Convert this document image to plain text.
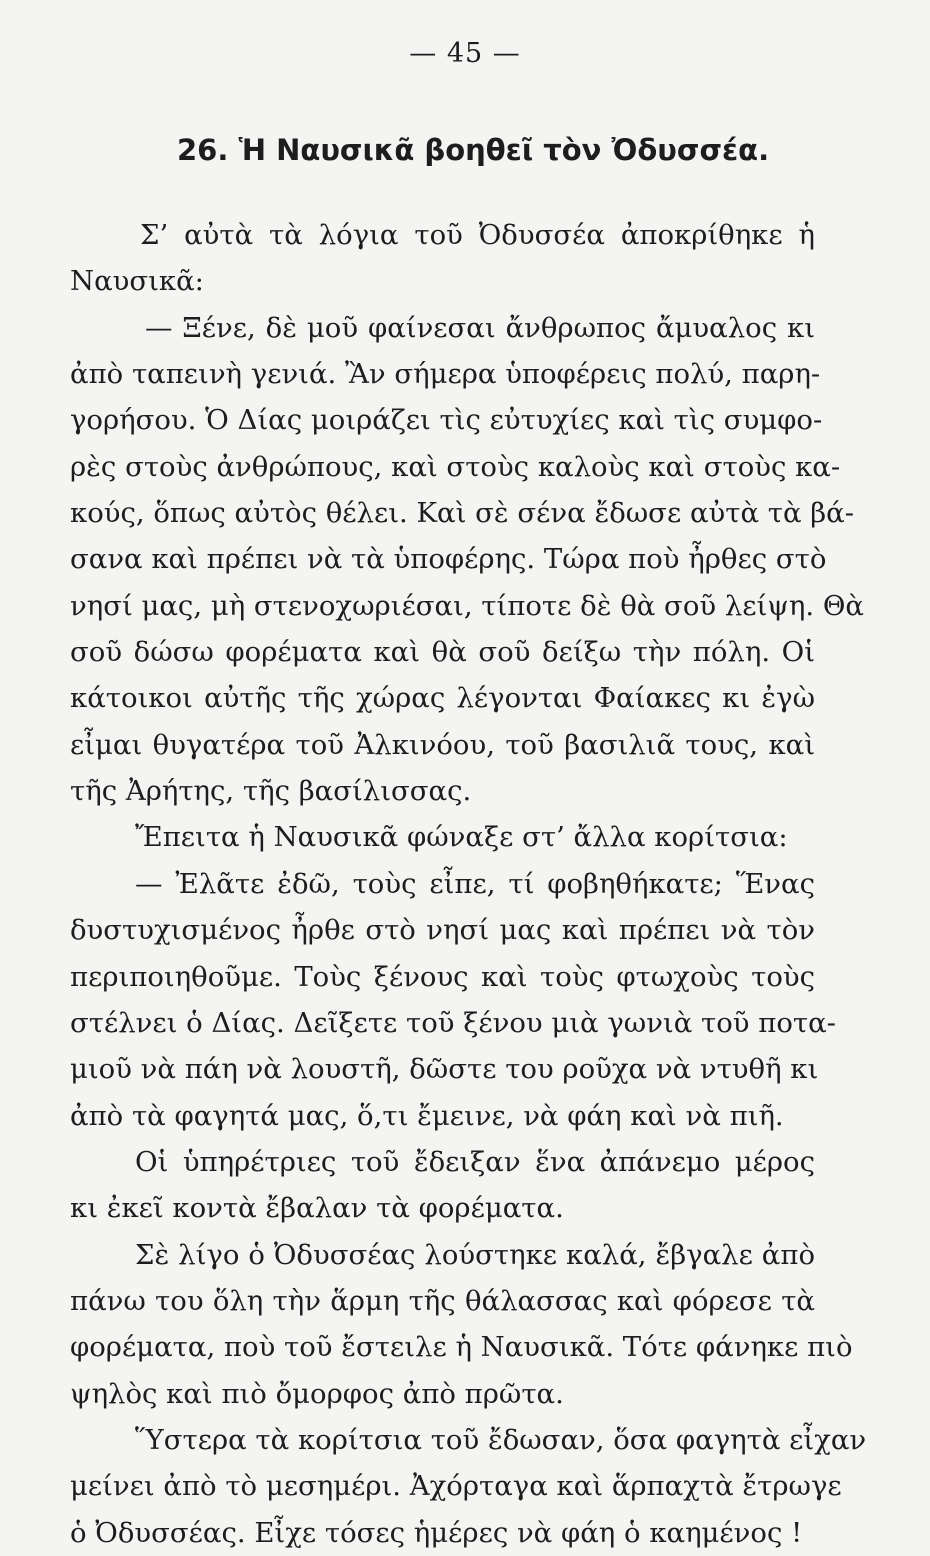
— 45 —
26. Ἡ Ναυσικᾶ βοηθεῖ τὸν Ὀδυσσέα.
Σ’ αὐτὰ τὰ λόγια τοῦ Ὀδυσσέα ἀποκρίθηκε ἡ
Ναυσικᾶ:
— Ξένε, δὲ μοῦ φαίνεσαι ἄνθρωπος ἄμυαλος κι
ἀπὸ ταπεινὴ γενιά. Ἂν σήμερα ὑποφέρεις πολύ, παρη-
γορήσου. Ὁ Δίας μοιράζει τὶς εὐτυχίες καὶ τὶς συμφο-
ρὲς στοὺς ἀνθρώπους, καὶ στοὺς καλοὺς καὶ στοὺς κα-
κούς, ὅπως αὐτὸς θέλει. Καὶ σὲ σένα ἔδωσε αὐτὰ τὰ βά-
σανα καὶ πρέπει νὰ τὰ ὑποφέρης. Τώρα ποὺ ἦρθες στὸ
νησί μας, μὴ στενοχωριέσαι, τίποτε δὲ θὰ σοῦ λείψη. Θὰ
σοῦ δώσω φορέματα καὶ θὰ σοῦ δείξω τὴν πόλη. Οἱ
κάτοικοι αὐτῆς τῆς χώρας λέγονται Φαίακες κι ἐγὼ
εἶμαι θυγατέρα τοῦ Ἀλκινόου, τοῦ βασιλιᾶ τους, καὶ
τῆς Ἀρήτης, τῆς βασίλισσας.
Ἔπειτα ἡ Ναυσικᾶ φώναξε στ’ ἄλλα κορίτσια:
— Ἐλᾶτε ἐδῶ, τοὺς εἶπε, τί φοβηθήκατε; Ἕνας
δυστυχισμένος ἦρθε στὸ νησί μας καὶ πρέπει νὰ τὸν
περιποιηθοῦμε. Τοὺς ξένους καὶ τοὺς φτωχοὺς τοὺς
στέλνει ὁ Δίας. Δεῖξετε τοῦ ξένου μιὰ γωνιὰ τοῦ ποτα-
μιοῦ νὰ πάη νὰ λουστῆ, δῶστε του ροῦχα νὰ ντυθῆ κι
ἀπὸ τὰ φαγητά μας, ὅ,τι ἔμεινε, νὰ φάη καὶ νὰ πιῆ.
Οἱ ὑπηρέτριες τοῦ ἔδειξαν ἕνα ἀπάνεμο μέρος
κι ἐκεῖ κοντὰ ἔβαλαν τὰ φορέματα.
Σὲ λίγο ὁ Ὀδυσσέας λούστηκε καλά, ἔβγαλε ἀπὸ
πάνω του ὅλη τὴν ἅρμη τῆς θάλασσας καὶ φόρεσε τὰ
φορέματα, ποὺ τοῦ ἔστειλε ἡ Ναυσικᾶ. Τότε φάνηκε πιὸ
ψηλὸς καὶ πιὸ ὄμορφος ἀπὸ πρῶτα.
Ὕστερα τὰ κορίτσια τοῦ ἔδωσαν, ὅσα φαγητὰ εἶχαν
μείνει ἀπὸ τὸ μεσημέρι. Ἀχόρταγα καὶ ἅρπαχτὰ ἔτρωγε
ὁ Ὀδυσσέας. Εἶχε τόσες ἡμέρες νὰ φάη ὁ καημένος !
